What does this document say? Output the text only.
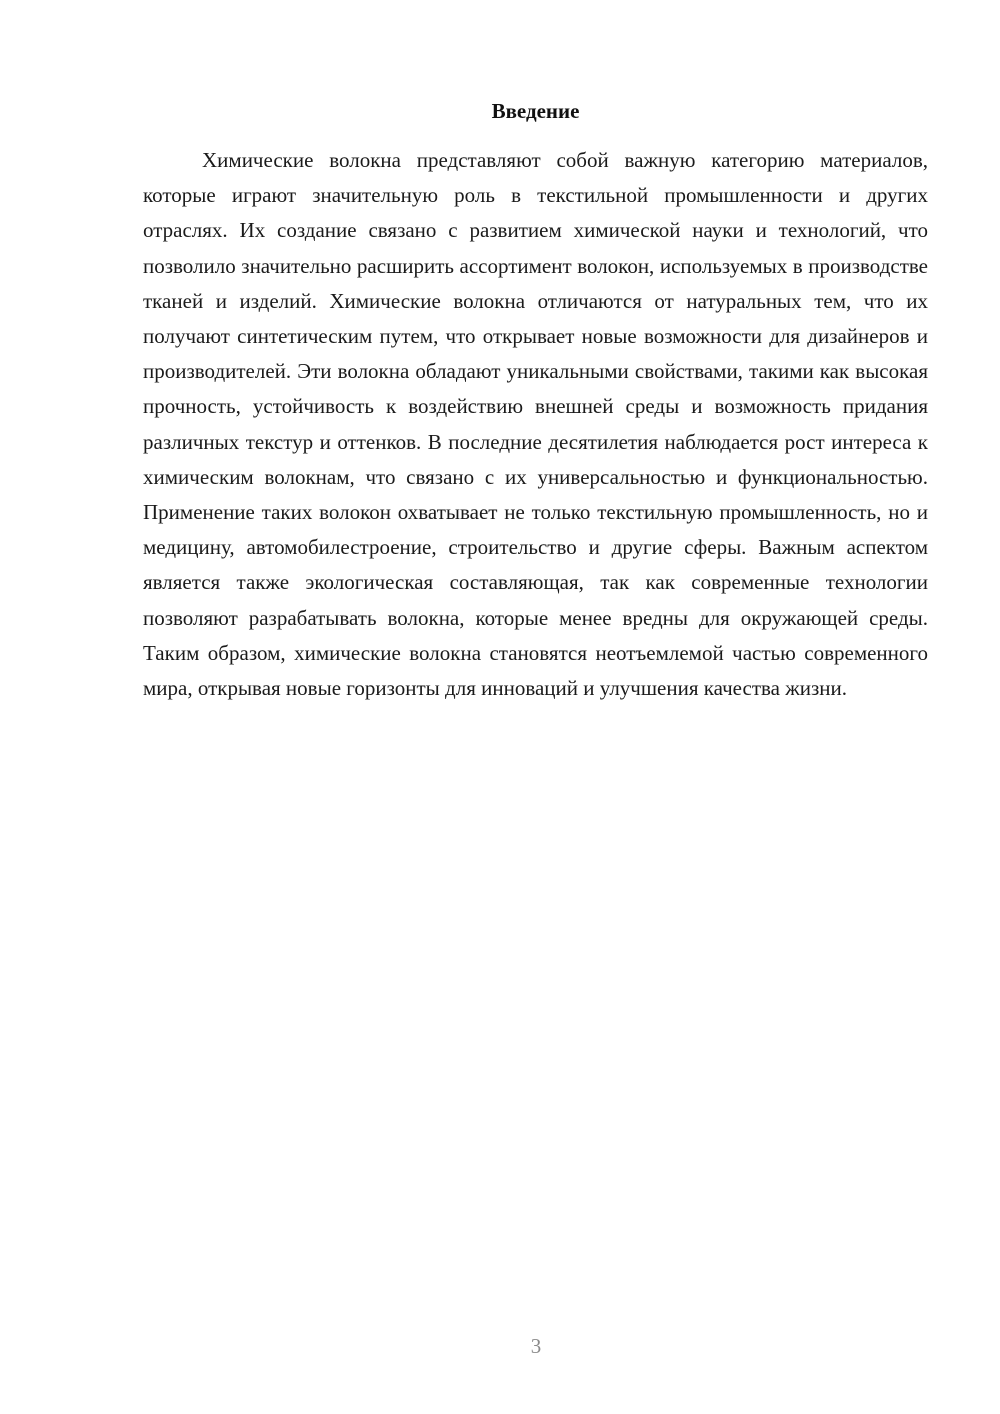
Введение

Химические волокна представляют собой важную категорию материалов, которые играют значительную роль в текстильной промышленности и других отраслях. Их создание связано с развитием химической науки и технологий, что позволило значительно расширить ассортимент волокон, используемых в производстве тканей и изделий. Химические волокна отличаются от натуральных тем, что их получают синтетическим путем, что открывает новые возможности для дизайнеров и производителей. Эти волокна обладают уникальными свойствами, такими как высокая прочность, устойчивость к воздействию внешней среды и возможность придания различных текстур и оттенков. В последние десятилетия наблюдается рост интереса к химическим волокнам, что связано с их универсальностью и функциональностью. Применение таких волокон охватывает не только текстильную промышленность, но и медицину, автомобилестроение, строительство и другие сферы. Важным аспектом является также экологическая составляющая, так как современные технологии позволяют разрабатывать волокна, которые менее вредны для окружающей среды. Таким образом, химические волокна становятся неотъемлемой частью современного мира, открывая новые горизонты для инноваций и улучшения качества жизни.

3
